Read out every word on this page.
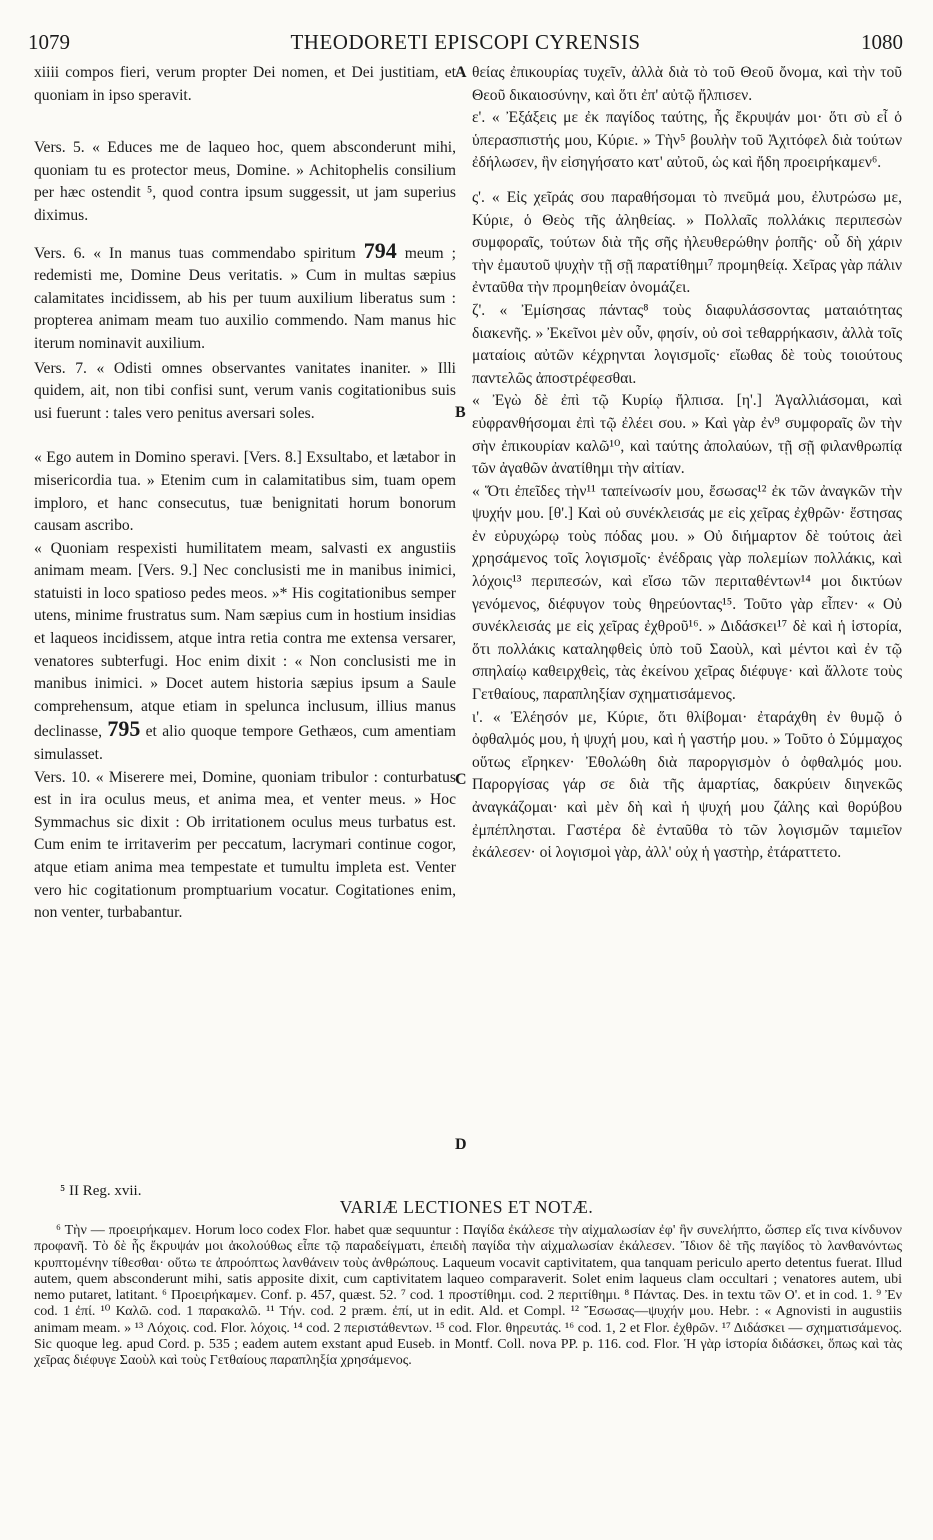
1079	THEODORETI EPISCOPI CYRENSIS	1080

xiiii compos fieri, verum propter Dei nomen, et Dei justitiam, et quoniam in ipso speravit.

Vers. 5. « Educes me de laqueo hoc, quem absconderunt mihi, quoniam tu es protector meus, Domine. » Achitophelis consilium per hæc ostendit ⁵, quod contra ipsum suggessit, ut jam superius diximus.

Vers. 6. « In manus tuas commendabo spiritum 794 meum ; redemisti me, Domine Deus veritatis. » Cum in multas sæpius calamitates incidissem, ab his per tuum auxilium liberatus sum : propterea animam meam tuo auxilio commendo. Nam manus hic iterum nominavit auxilium.

Vers. 7. « Odisti omnes observantes vanitates inaniter. » Illi quidem, ait, non tibi confisi sunt, verum vanis cogitationibus suis usi fuerunt : tales vero penitus aversari soles.

« Ego autem in Domino speravi. [Vers. 8.] Exsultabo, et lætabor in misericordia tua. » Etenim cum in calamitatibus sim, tuam opem imploro, et hanc consecutus, tuæ benignitati horum bonorum causam ascribo.

« Quoniam respexisti humilitatem meam, salvasti ex angustiis animam meam. [Vers. 9.] Nec conclusisti me in manibus inimici, statuisti in loco spatioso pedes meos. »* His cogitationibus semper utens, minime frustratus sum. Nam sæpius cum in hostium insidias et laqueos incidissem, atque intra retia contra me extensa versarer, venatores subterfugi. Hoc enim dixit : « Non conclusisti me in manibus inimici. » Docet autem historia sæpius ipsum a Saule comprehensum, atque etiam in spelunca inclusum, illius manus declinasse, 795 et alio quoque tempore Gethæos, cum amentiam simulasset.

Vers. 10. « Miserere mei, Domine, quoniam tribulor : conturbatus est in ira oculus meus, et anima mea, et venter meus. » Hoc Symmachus sic dixit : Ob irritationem oculus meus turbatus est. Cum enim te irritaverim per peccatum, lacrymari continue cogor, atque etiam anima mea tempestate et tumultu impleta est. Venter vero hic cogitationum promptuarium vocatur. Cogitationes enim, non venter, turbabantur.

A
B
C
D

θείας ἐπικουρίας τυχεῖν, ἀλλὰ διὰ τὸ τοῦ Θεοῦ ὄνομα, καὶ τὴν τοῦ Θεοῦ δικαιοσύνην, καὶ ὅτι ἐπ' αὐτῷ ἤλπισεν.

ε'. « Ἐξάξεις με ἐκ παγίδος ταύτης, ἧς ἔκρυψάν μοι· ὅτι σὺ εἶ ὁ ὑπερασπιστής μου, Κύριε. » Τὴν⁵ βουλὴν τοῦ Ἀχιτόφελ διὰ τούτων ἐδήλωσεν, ἣν εἰσηγήσατο κατ' αὐτοῦ, ὡς καὶ ἤδη προειρήκαμεν⁶.

ς'. « Εἰς χεῖράς σου παραθήσομαι τὸ πνεῦμά μου, ἐλυτρώσω με, Κύριε, ὁ Θεὸς τῆς ἀληθείας. » Πολλαῖς πολλάκις περιπεσὼν συμφοραῖς, τούτων διὰ τῆς σῆς ἠλευθερώθην ῥοπῆς· οὗ δὴ χάριν τὴν ἐμαυτοῦ ψυχὴν τῇ σῇ παρατίθημι⁷ προμηθείᾳ. Χεῖρας γὰρ πάλιν ἐνταῦθα τὴν προμηθείαν ὀνομάζει.

ζ'. « Ἐμίσησας πάντας⁸ τοὺς διαφυλάσσοντας ματαιότητας διακενῆς. » Ἐκεῖνοι μὲν οὖν, φησίν, οὐ σοὶ τεθαρρήκασιν, ἀλλὰ τοῖς ματαίοις αὐτῶν κέχρηνται λογισμοῖς· εἴωθας δὲ τοὺς τοιούτους παντελῶς ἀποστρέφεσθαι.

« Ἐγὼ δὲ ἐπὶ τῷ Κυρίῳ ἤλπισα. [η'.] Ἀγαλλιάσομαι, καὶ εὐφρανθήσομαι ἐπὶ τῷ ἐλέει σου. » Καὶ γὰρ ἐν⁹ συμφοραῖς ὢν τὴν σὴν ἐπικουρίαν καλῶ¹⁰, καὶ ταύτης ἀπολαύων, τῇ σῇ φιλανθρωπίᾳ τῶν ἀγαθῶν ἀνατίθημι τὴν αἰτίαν.

« Ὅτι ἐπεῖδες τὴν¹¹ ταπείνωσίν μου, ἔσωσας¹² ἐκ τῶν ἀναγκῶν τὴν ψυχήν μου. [θ'.] Καὶ οὐ συνέκλεισάς με εἰς χεῖρας ἐχθρῶν· ἔστησας ἐν εὐρυχώρῳ τοὺς πόδας μου. » Οὐ διήμαρτον δὲ τούτοις ἀεὶ χρησάμενος τοῖς λογισμοῖς· ἐνέδραις γὰρ πολεμίων πολλάκις, καὶ λόχοις¹³ περιπεσών, καὶ εἴσω τῶν περιταθέντων¹⁴ μοι δικτύων γενόμενος, διέφυγον τοὺς θηρεύοντας¹⁵. Τοῦτο γὰρ εἶπεν· « Οὐ συνέκλεισάς με εἰς χεῖρας ἐχθροῦ¹⁶. » Διδάσκει¹⁷ δὲ καὶ ἡ ἱστορία, ὅτι πολλάκις καταληφθεὶς ὑπὸ τοῦ Σαοὺλ, καὶ μέντοι καὶ ἐν τῷ σπηλαίῳ καθειρχθεὶς, τὰς ἐκείνου χεῖρας διέφυγε· καὶ ἄλλοτε τοὺς Γετθαίους, παραπληξίαν σχηματισάμενος.

ι'. « Ἐλέησόν με, Κύριε, ὅτι θλίβομαι· ἐταράχθη ἐν θυμῷ ὁ ὀφθαλμός μου, ἡ ψυχή μου, καὶ ἡ γαστήρ μου. » Τοῦτο ὁ Σύμμαχος οὕτως εἴρηκεν· Ἐθολώθη διὰ παροργισμὸν ὁ ὀφθαλμός μου. Παροργίσας γάρ σε διὰ τῆς ἁμαρτίας, δακρύειν διηνεκῶς ἀναγκάζομαι· καὶ μὲν δὴ καὶ ἡ ψυχή μου ζάλης καὶ θορύβου ἐμπέπλησται. Γαστέρα δὲ ἐνταῦθα τὸ τῶν λογισμῶν ταμιεῖον ἐκάλεσεν· οἱ λογισμοὶ γὰρ, ἀλλ' οὐχ ἡ γαστὴρ, ἐτάραττετο.

⁵ II Reg. xvii.
VARIÆ LECTIONES ET NOTÆ.

⁶ Τὴν — προειρήκαμεν. Horum loco codex Flor. habet quæ sequuntur : Παγίδα ἐκάλεσε τὴν αἰχμαλωσίαν ἐφ' ἣν συνελήπτο, ὥσπερ εἴς τινα κίνδυνον προφανῆ. Τὸ δὲ ἧς ἔκρυψάν μοι ἀκολούθως εἶπε τῷ παραδείγματι, ἐπειδὴ παγίδα τὴν αἰχμαλωσίαν ἐκάλεσεν. Ἴδιον δὲ τῆς παγίδος τὸ λανθανόντως κρυπτομένην τίθεσθαι· οὕτω τε ἀπροόπτως λανθάνειν τοὺς ἀνθρώπους. Laqueum vocavit captivitatem, qua tanquam periculo aperto detentus fuerat. Illud autem, quem absconderunt mihi, satis apposite dixit, cum captivitatem laqueo comparaverit. Solet enim laqueus clam occultari ; venatores autem, ubi nemo putaret, latitant. ⁶ Προειρήκαμεν. Conf. p. 457, quæst. 52. ⁷ cod. 1 προστίθημι. cod. 2 περιτίθημι. ⁸ Πάντας. Des. in textu τῶν Ο'. et in cod. 1. ⁹ Ἐν cod. 1 ἐπί. ¹⁰ Καλῶ. cod. 1 παρακαλῶ. ¹¹ Τήν. cod. 2 præm. ἐπί, ut in edit. Ald. et Compl. ¹² Ἔσωσας—ψυχήν μου. Hebr. : « Agnovisti in augustiis animam meam. » ¹³ Λόχοις. cod. Flor. λόχοις. ¹⁴ cod. 2 περιστάθεντων. ¹⁵ cod. Flor. θηρευτάς. ¹⁶ cod. 1, 2 et Flor. ἐχθρῶν. ¹⁷ Διδάσκει — σχηματισάμενος. Sic quoque leg. apud Cord. p. 535 ; eadem autem exstant apud Euseb. in Montf. Coll. nova PP. p. 116. cod. Flor. Ἡ γὰρ ἱστορία διδάσκει, ὅπως καὶ τὰς χεῖρας διέφυγε Σαοὺλ καὶ τοὺς Γετθαίους παραπληξία χρησάμενος.
